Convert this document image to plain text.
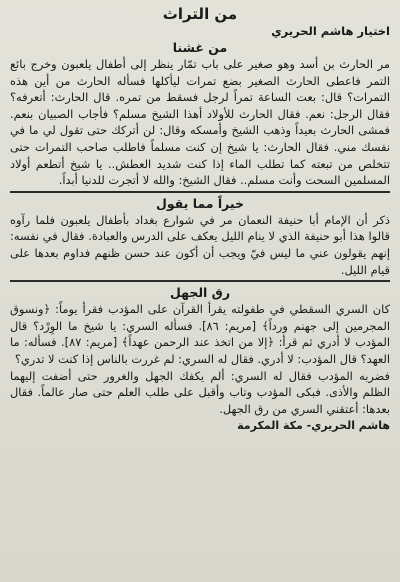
من التراث
اختيار هاشم الحريري
من غشنا

مر الحارث بن أسد وهو صغير على باب تمّار ينظر إلى أطفال يلعبون وخرج بائع التمر فاعطى الحارث الصغير بضع تمرات ليأكلها فسأله الحارث من أين هذه التمرات؟ قال: بعت الساعة تمراً لرجل فسقط من تمره. قال الحارث: أتعرفه؟ فقال الرجل: نعم. فقال الحارث للأولاد أهذا الشيخ مسلم؟ فأجاب الصبيان بنعم. فمشى الحارث بعيداً وذهب الشيخ وأمسكه وقال: لن أتركك حتى تقول لي ما في نفسك مني. فقال الحارث: يا شيخ إن كنت مسلماً فاطلب صاحب التمرات حتى تتخلص من تبعته كما تطلب الماء إذا كنت شديد العطش.. يا شيخ أتطعم أولاد المسلمين السحت وأنت مسلم.. فقال الشيخ: والله لا أتجرت للدنيا أبداً.

خيراً مما يقول

ذكر أن الإمام أبا حنيفة النعمان مر في شوارع بغداد بأطفال يلعبون فلما رآوه قالوا هذا أبو حنيفة الذي لا ينام الليل يعكف على الدرس والعبادة. فقال في نفسه: إنهم يقولون عني ما ليس فيّ ويجب أن أكون عند حسن ظنهم فداوم بعدها على قيام الليل.

رق الجهل

كان السري السقطي في طفولته يقرأ القرآن على المؤدب فقرأ يوماً: ﴿ونسوق المجرمين إلى جهنم ورداً﴾ [مريم: ٨٦]. فسأله السري: يا شيخ ما الوِرْد؟ قال المؤدب لا أدري ثم قرأ: ﴿إلا من اتخذ عند الرحمن عهداً﴾ [مريم: ٨٧]. فسأله: ما العهد؟ قال المؤدب: لا أدري. فقال له السري: لم غررت بالناس إذا كنت لا تدري؟
فضربه المؤدب فقال له السري: ألم يكفك الجهل والغرور حتى أضفت إليهما الظلم والأذى. فبكى المؤدب وتاب وأقبل على طلب العلم حتى صار عالماً. فقال بعدها: أعتقني السري من رق الجهل.

هاشم الحريري- مكة المكرمة
